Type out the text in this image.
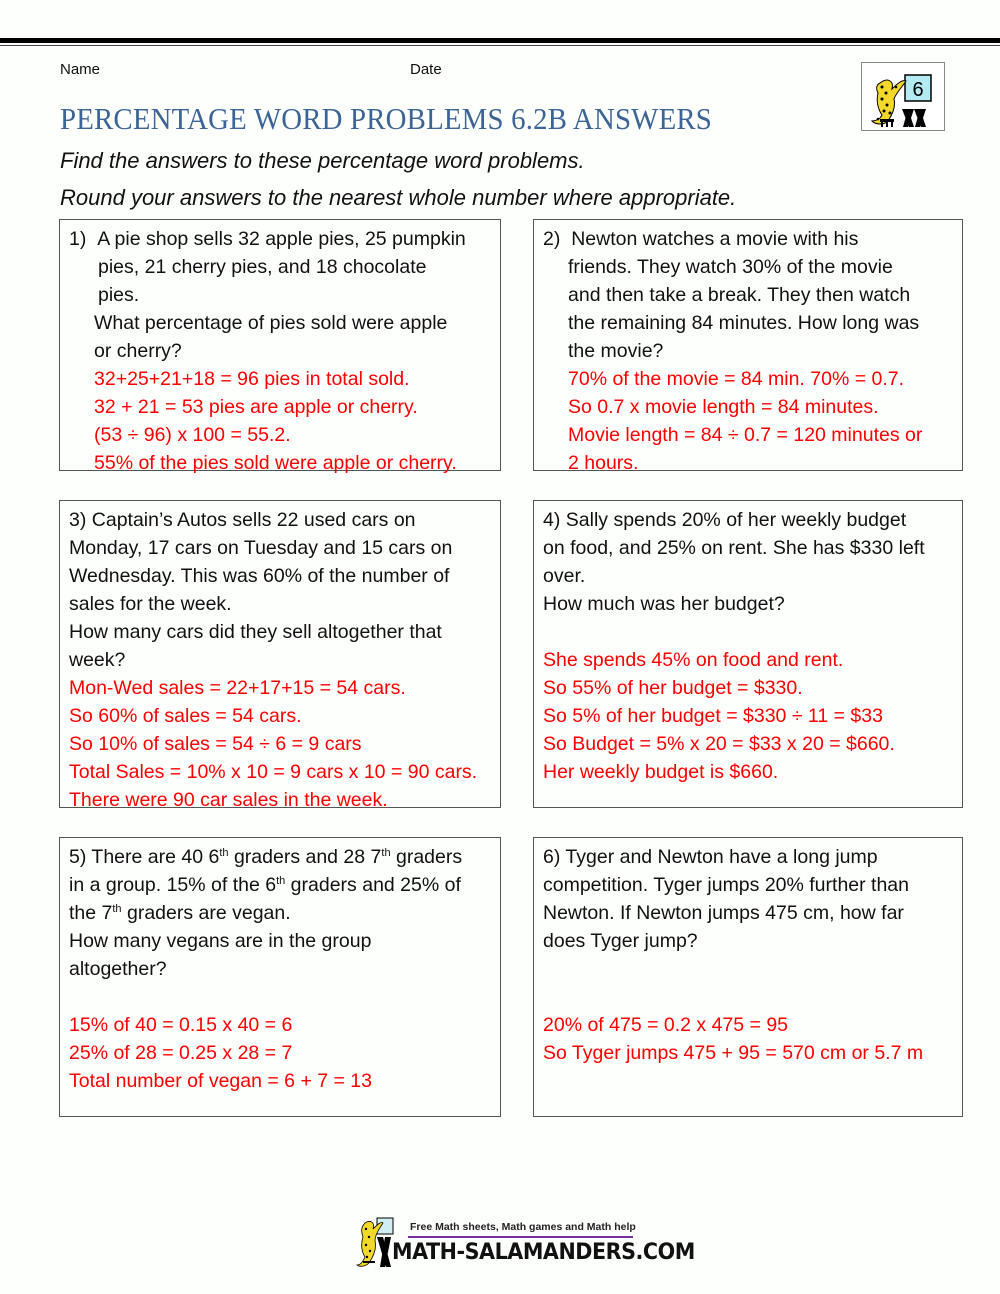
Name	Date
PERCENTAGE WORD PROBLEMS 6.2B ANSWERS
Find the answers to these percentage word problems.
Round your answers to the nearest whole number where appropriate.
6
1) A pie shop sells 32 apple pies, 25 pumpkin
pies, 21 cherry pies, and 18 chocolate
pies.
What percentage of pies sold were apple
or cherry?
32+25+21+18 = 96 pies in total sold.
32 + 21 = 53 pies are apple or cherry.
(53 ÷ 96) x 100 = 55.2.
55% of the pies sold were apple or cherry.
2) Newton watches a movie with his
friends. They watch 30% of the movie
and then take a break. They then watch
the remaining 84 minutes. How long was
the movie?
70% of the movie = 84 min. 70% = 0.7.
So 0.7 x movie length = 84 minutes.
Movie length = 84 ÷ 0.7 = 120 minutes or
2 hours.
3) Captain’s Autos sells 22 used cars on
Monday, 17 cars on Tuesday and 15 cars on
Wednesday. This was 60% of the number of
sales for the week.
How many cars did they sell altogether that
week?
Mon-Wed sales = 22+17+15 = 54 cars.
So 60% of sales = 54 cars.
So 10% of sales = 54 ÷ 6 = 9 cars
Total Sales = 10% x 10 = 9 cars x 10 = 90 cars.
There were 90 car sales in the week.
4) Sally spends 20% of her weekly budget
on food, and 25% on rent. She has $330 left
over.
How much was her budget?
She spends 45% on food and rent.
So 55% of her budget = $330.
So 5% of her budget = $330 ÷ 11 = $33
So Budget = 5% x 20 = $33 x 20 = $660.
Her weekly budget is $660.
5) There are 40 6th graders and 28 7th graders
in a group. 15% of the 6th graders and 25% of
the 7th graders are vegan.
How many vegans are in the group
altogether?
15% of 40 = 0.15 x 40 = 6
25% of 28 = 0.25 x 28 = 7
Total number of vegan = 6 + 7 = 13
6) Tyger and Newton have a long jump
competition. Tyger jumps 20% further than
Newton. If Newton jumps 475 cm, how far
does Tyger jump?
20% of 475 = 0.2 x 475 = 95
So Tyger jumps 475 + 95 = 570 cm or 5.7 m
Free Math sheets, Math games and Math help
MATH-SALAMANDERS.COM
